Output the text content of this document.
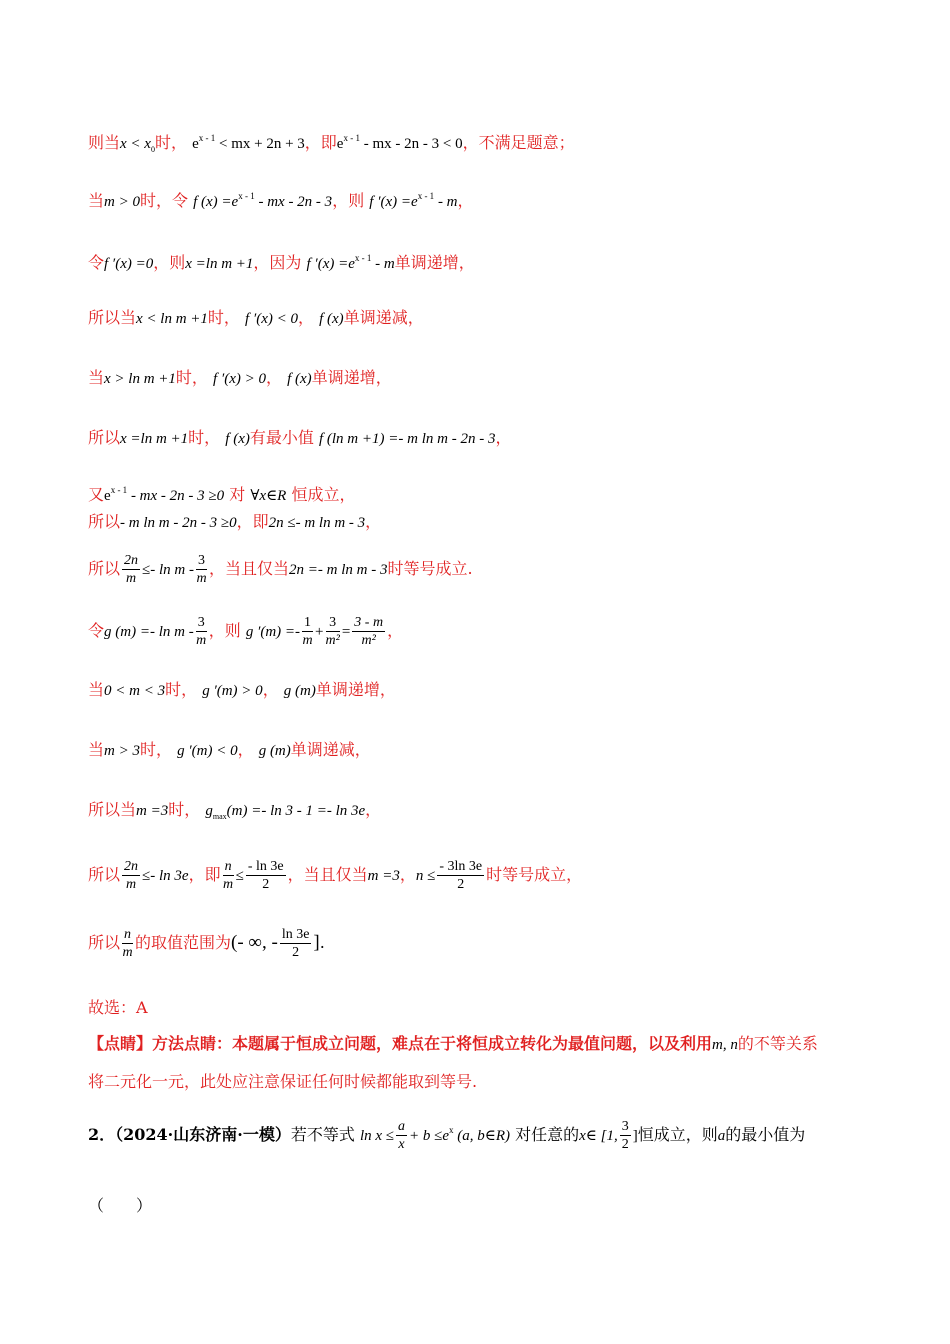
则当$x < x_0$时， $e^{x - 1}$ < mx + 2n + 3，即$e^{x - 1}$ - mx - 2n - 3 < 0，不满足题意；
当m > 0时，令 f $(x) =e^{x - 1}$ - mx - 2n - 3，则 f $'(x) =e^{x - 1} - m$，
令f ′(x) =0，则x =ln m +1，因为 f $'(x) =e^{x - 1} - m$单调递增，
所以当x < ln m +1时， f ′(x) < 0， f (x)单调递减，
当x > ln m +1时， f ′(x) > 0， f (x)单调递增，
所以x =ln m +1时， f (x)有最小值 f (ln m +1) =- m ln m - 2n - 3，
又$e^{x - 1}$ - mx - 2n - 3 ≥0 对 ∀x∈R 恒成立，
所以- m ln m - 2n - 3 ≥0，即2n ≤- m ln m - 3，
所以 $\frac{2n}{m} \le- \ln m - \frac{3}{m}$ ，当且仅当2n =- m ln m - 3时等号成立.
令g $(m) =- \ln m - \frac{3}{m}$ ，则 g $'(m) =- \frac{1}{m} + \frac{3}{\text{m²}} = \frac{3 - m}{\text{m²}}$ ，
当0 < m < 3时， g ′(m) > 0， g (m)单调递增，
当m > 3时， g ′(m) < 0， g (m)单调递减，
所以当m =3时， $g_{max}(m) =- \ln 3 - 1 =- \ln 3e$，
所以 $\frac{2n}{m} \le- \ln 3e$，即 $\frac{n}{m} \le \frac{- \ln 3e}{2}$ ，当且仅当m =3，$n \le \frac{- 3\ln 3e}{2}$ 时等号成立，
所以 $\frac{n}{m}$ 的取值范围为(- ∞, - $\frac{\ln 3e}{2}$ ].
故选：A
【点睛】方法点睛：本题属于恒成立问题，难点在于将恒成立转化为最值问题，以及利用m, n的不等关系
将二元化一元，此处应注意保证任何时候都能取到等号.
2．（2024·山东济南·一模）若不等式 $\ln x \le \frac{a}{x} + b \le e^x$ (a, b∈R) 对任意的x∈ [1, $\frac{3}{2}$ ]恒成立，则a的最小值为
（　　）
